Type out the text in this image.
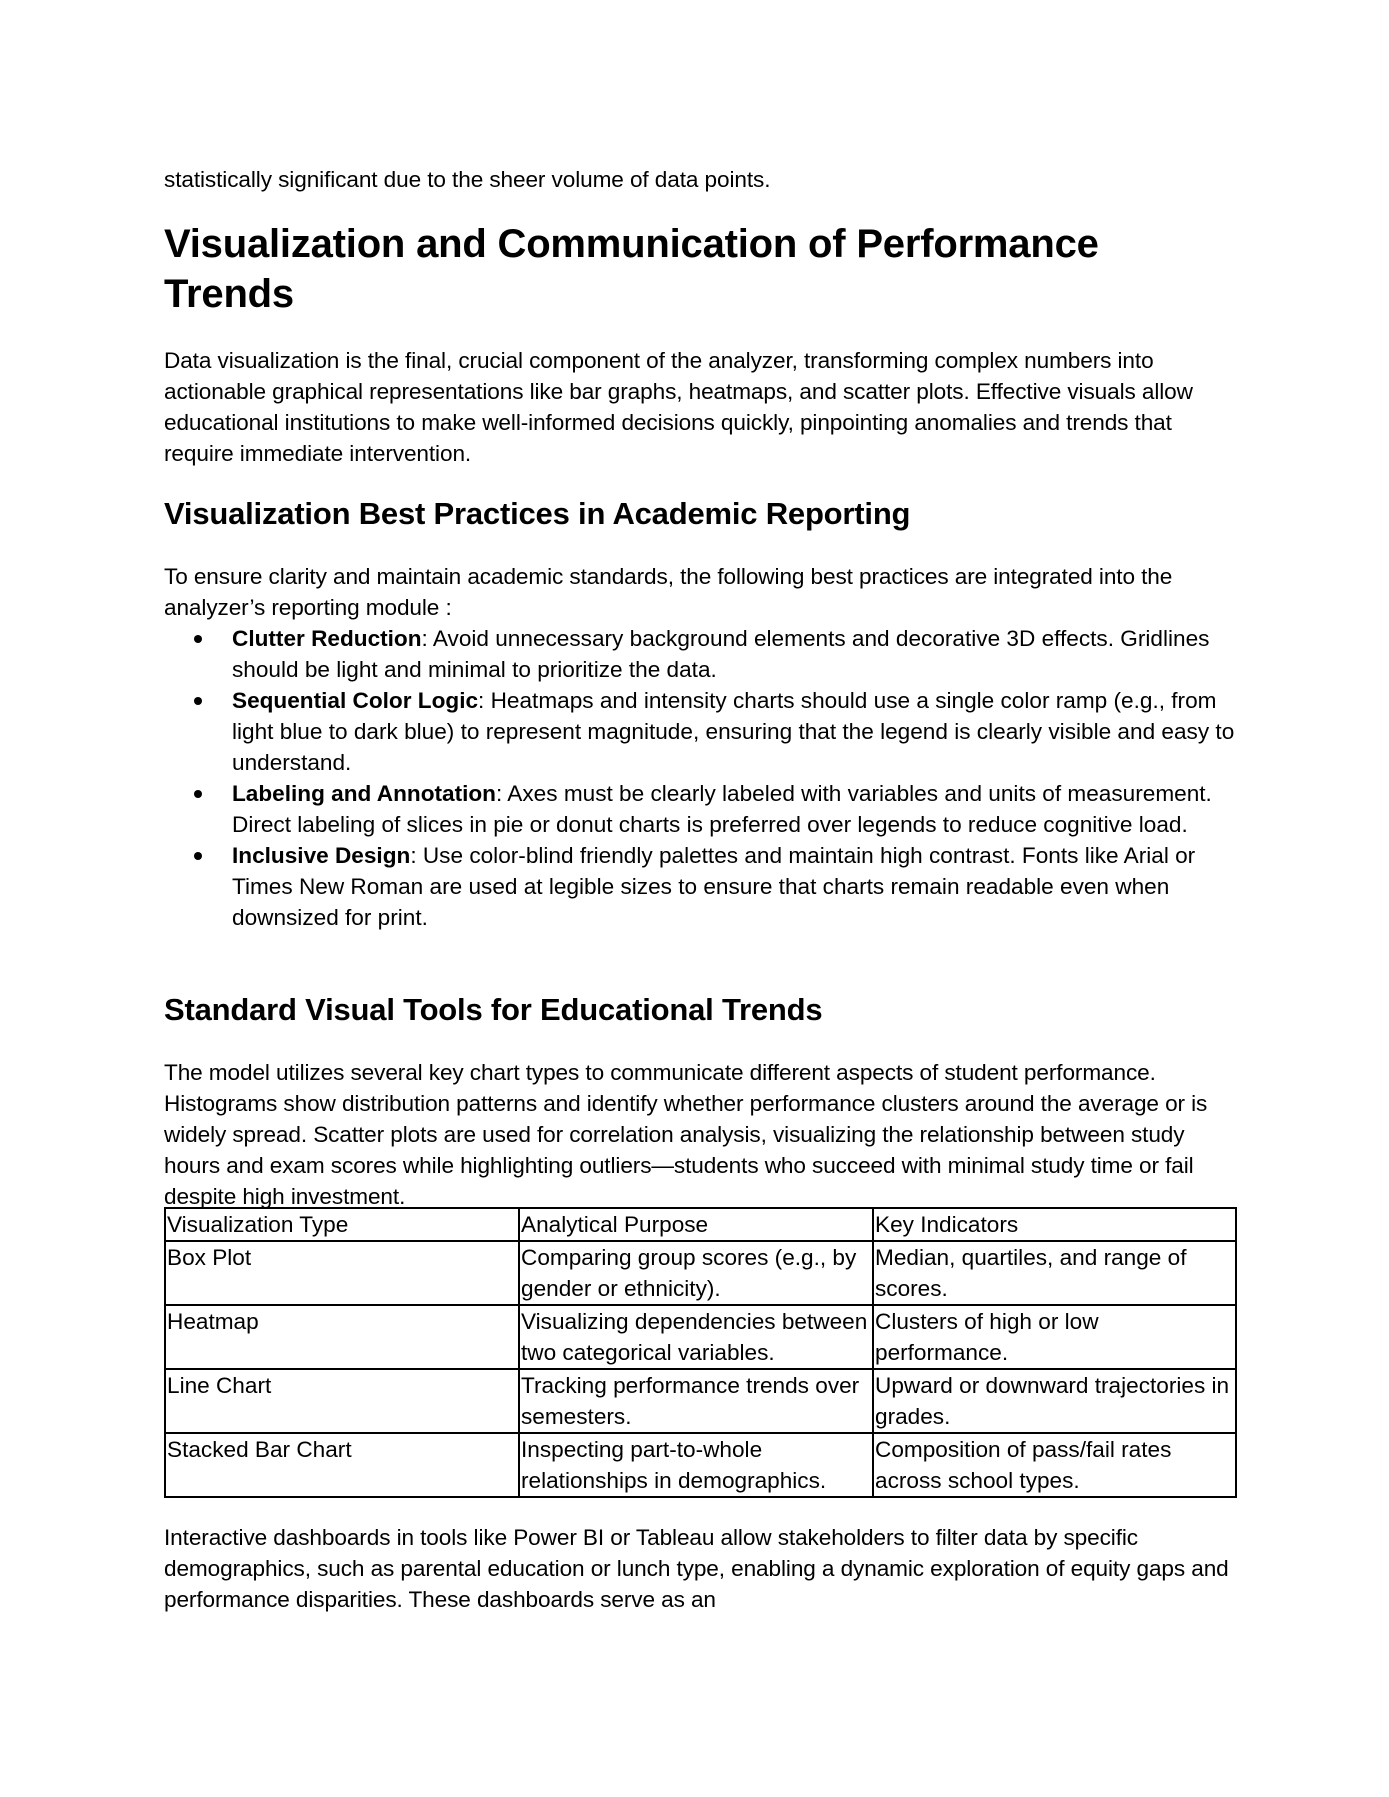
statistically significant due to the sheer volume of data points.

Visualization and Communication of Performance Trends

Data visualization is the final, crucial component of the analyzer, transforming complex numbers into actionable graphical representations like bar graphs, heatmaps, and scatter plots. Effective visuals allow educational institutions to make well-informed decisions quickly, pinpointing anomalies and trends that require immediate intervention.

Visualization Best Practices in Academic Reporting

To ensure clarity and maintain academic standards, the following best practices are integrated into the analyzer’s reporting module :

Clutter Reduction: Avoid unnecessary background elements and decorative 3D effects. Gridlines should be light and minimal to prioritize the data.
Sequential Color Logic: Heatmaps and intensity charts should use a single color ramp (e.g., from light blue to dark blue) to represent magnitude, ensuring that the legend is clearly visible and easy to understand.
Labeling and Annotation: Axes must be clearly labeled with variables and units of measurement. Direct labeling of slices in pie or donut charts is preferred over legends to reduce cognitive load.
Inclusive Design: Use color-blind friendly palettes and maintain high contrast. Fonts like Arial or Times New Roman are used at legible sizes to ensure that charts remain readable even when downsized for print.
Standard Visual Tools for Educational Trends

The model utilizes several key chart types to communicate different aspects of student performance. Histograms show distribution patterns and identify whether performance clusters around the average or is widely spread. Scatter plots are used for correlation analysis, visualizing the relationship between study hours and exam scores while highlighting outliers—students who succeed with minimal study time or fail despite high investment.

Visualization Type	Analytical Purpose	Key Indicators
Box Plot	Comparing group scores (e.g., by gender or ethnicity).	Median, quartiles, and range of scores.
Heatmap	Visualizing dependencies between two categorical variables.	Clusters of high or low performance.
Line Chart	Tracking performance trends over semesters.	Upward or downward trajectories in grades.
Stacked Bar Chart	Inspecting part-to-whole relationships in demographics.	Composition of pass/fail rates across school types.

Interactive dashboards in tools like Power BI or Tableau allow stakeholders to filter data by specific demographics, such as parental education or lunch type, enabling a dynamic exploration of equity gaps and performance disparities. These dashboards serve as an
